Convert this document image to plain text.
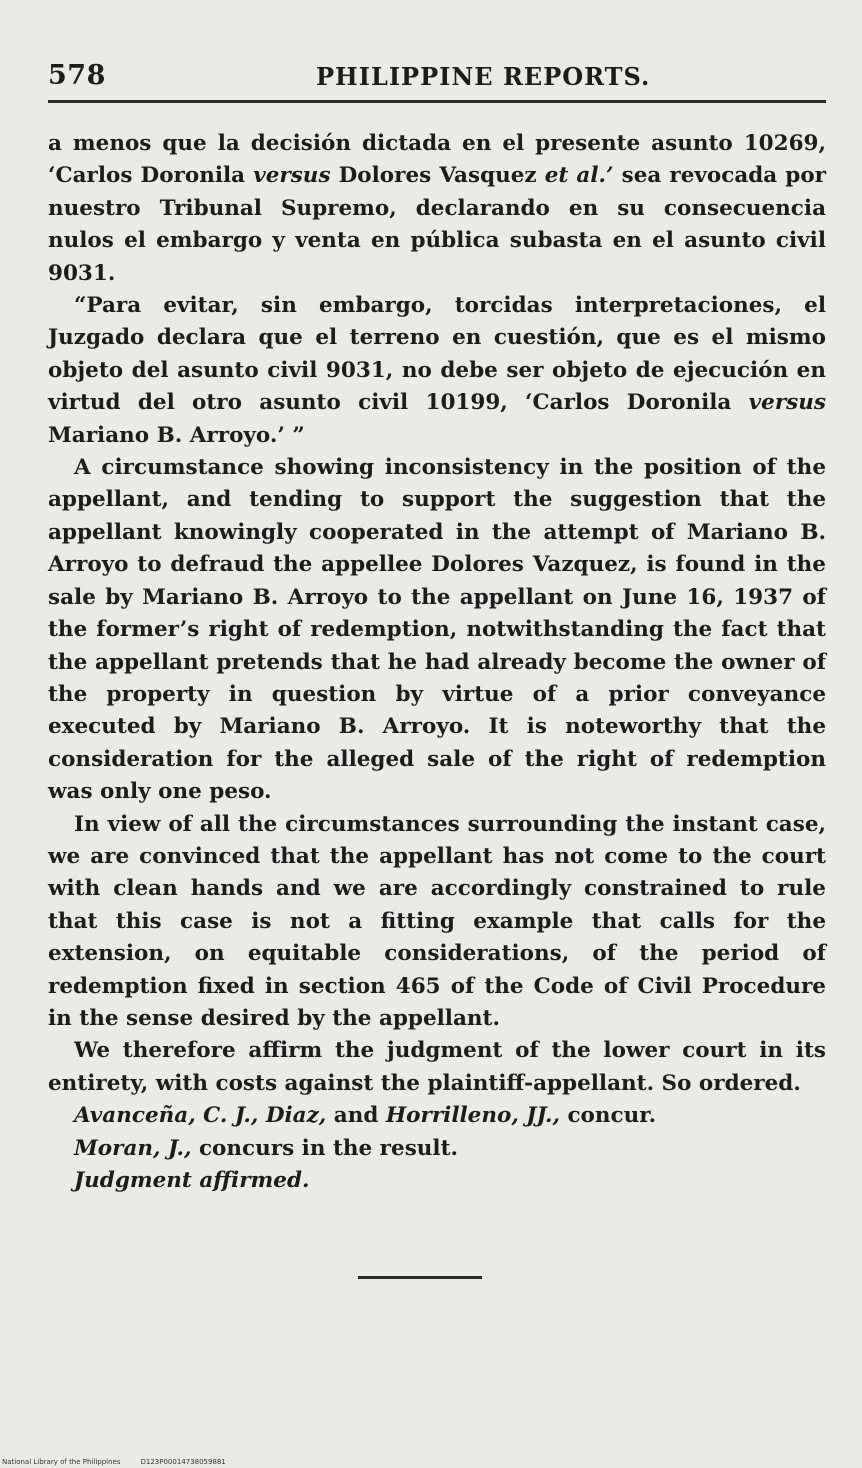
578	PHILIPPINE REPORTS.

a menos que la decisión dictada en el presente asunto 10269, ‘Carlos Doronila versus Dolores Vasquez et al.’ sea revocada por nuestro Tribunal Supremo, declarando en su consecuencia nulos el embargo y venta en pública subasta en el asunto civil 9031.

“Para evitar, sin embargo, torcidas interpretaciones, el Juzgado declara que el terreno en cuestión, que es el mismo objeto del asunto civil 9031, no debe ser objeto de ejecución en virtud del otro asunto civil 10199, ‘Carlos Doronila versus Mariano B. Arroyo.’ ”

A circumstance showing inconsistency in the position of the appellant, and tending to support the suggestion that the appellant knowingly cooperated in the attempt of Mariano B. Arroyo to defraud the appellee Dolores Vazquez, is found in the sale by Mariano B. Arroyo to the appellant on June 16, 1937 of the former’s right of redemption, notwithstanding the fact that the appellant pretends that he had already become the owner of the property in question by virtue of a prior conveyance executed by Mariano B. Arroyo. It is noteworthy that the consideration for the alleged sale of the right of redemption was only one peso.

In view of all the circumstances surrounding the instant case, we are convinced that the appellant has not come to the court with clean hands and we are accordingly constrained to rule that this case is not a fitting example that calls for the extension, on equitable considerations, of the period of redemption fixed in section 465 of the Code of Civil Procedure in the sense desired by the appellant.

We therefore affirm the judgment of the lower court in its entirety, with costs against the plaintiff-appellant. So ordered.

Avanceña, C. J., Diaz, and Horrilleno, JJ., concur.

Moran, J., concurs in the result.

Judgment affirmed.

National Library of the Philippines	D123P00014738059881
